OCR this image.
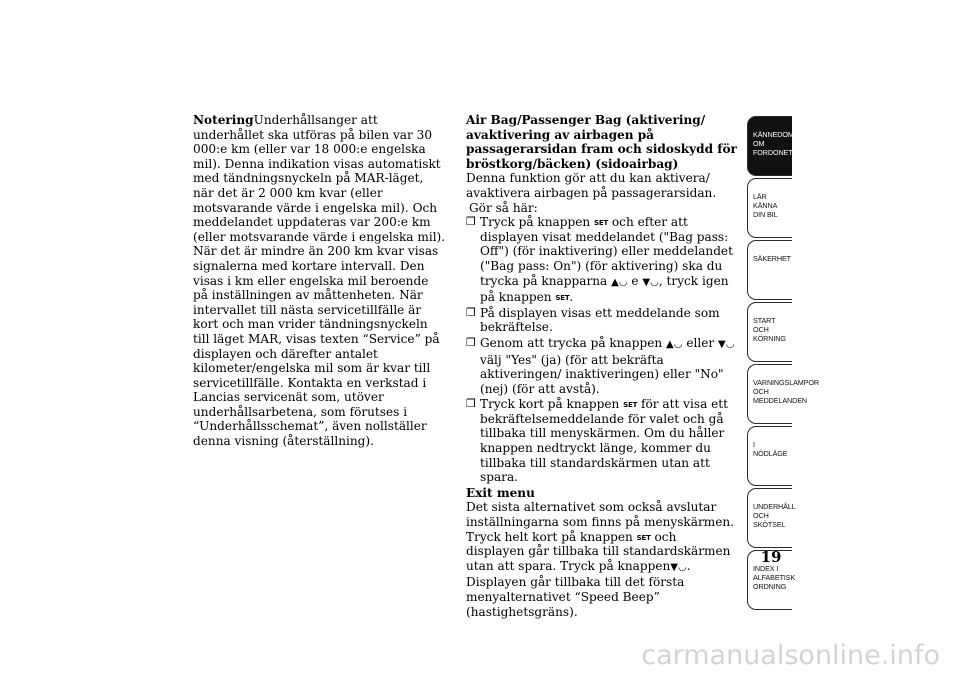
NoteringUnderhållsanger att underhållet ska utföras på bilen var 30 000:e km (eller var 18 000:e engelska mil). Denna indikation visas automatiskt med tändningsnyckeln på MAR-läget, när det är 2 000 km kvar (eller motsvarande värde i engelska mil). Och meddelandet uppdateras var 200:e km (eller motsvarande värde i engelska mil). När det är mindre än 200 km kvar visas signalerna med kortare intervall. Den visas i km eller engelska mil beroende på inställningen av måttenheten. När intervallet till nästa servicetillfälle är kort och man vrider tändningsnyckeln till läget MAR, visas texten “Service” på displayen och därefter antalet kilometer/engelska mil som är kvar till servicetillfälle. Kontakta en verkstad i Lancias servicenät som, utöver underhållsarbetena, som förutses i “Underhållsschemat”, även nollställer denna visning (återställning).

Air Bag/Passenger Bag (aktivering/ avaktivering av airbagen på passagerarsidan fram och sidoskydd för bröstkorg/bäcken) (sidoairbag)

Denna funktion gör att du kan aktivera/ avaktivera airbagen på passagerarsidan.

Gör så här:

❒ Tryck på knappen SET och efter att displayen visat meddelandet ("Bag pass: Off") (för inaktivering) eller meddelandet ("Bag pass: On") (för aktivering) ska du trycka på knapparna ▲◡ e ▼◡, tryck igen på knappen SET.
❒ På displayen visas ett meddelande som bekräftelse.
❒ Genom att trycka på knappen ▲◡ eller ▼◡ välj "Yes" (ja) (för att bekräfta aktiveringen/ inaktiveringen) eller "No" (nej) (för att avstå).
❒ Tryck kort på knappen SET för att visa ett bekräftelsemeddelande för valet och gå tillbaka till menyskärmen. Om du håller knappen nedtryckt länge, kommer du tillbaka till standardskärmen utan att spara.

Exit menu

Det sista alternativet som också avslutar inställningarna som finns på menyskärmen. Tryck helt kort på knappen SET och displayen går tillbaka till standardskärmen utan att spara. Tryck på knappen▼◡. Displayen går tillbaka till det första menyalternativet “Speed Beep” (hastighetsgräns).

KÄNNEDOM OM FORDONET
LÄR KÄNNA DIN BIL
SÄKERHET
START OCH KÖRNING
VARNINGSLAMPOR OCH MEDDELANDEN
I NÖDLÄGE
UNDERHÅLL OCH SKÖTSEL
INDEX I ALFABETISK ORDNING
19
carmanualsonline.info
